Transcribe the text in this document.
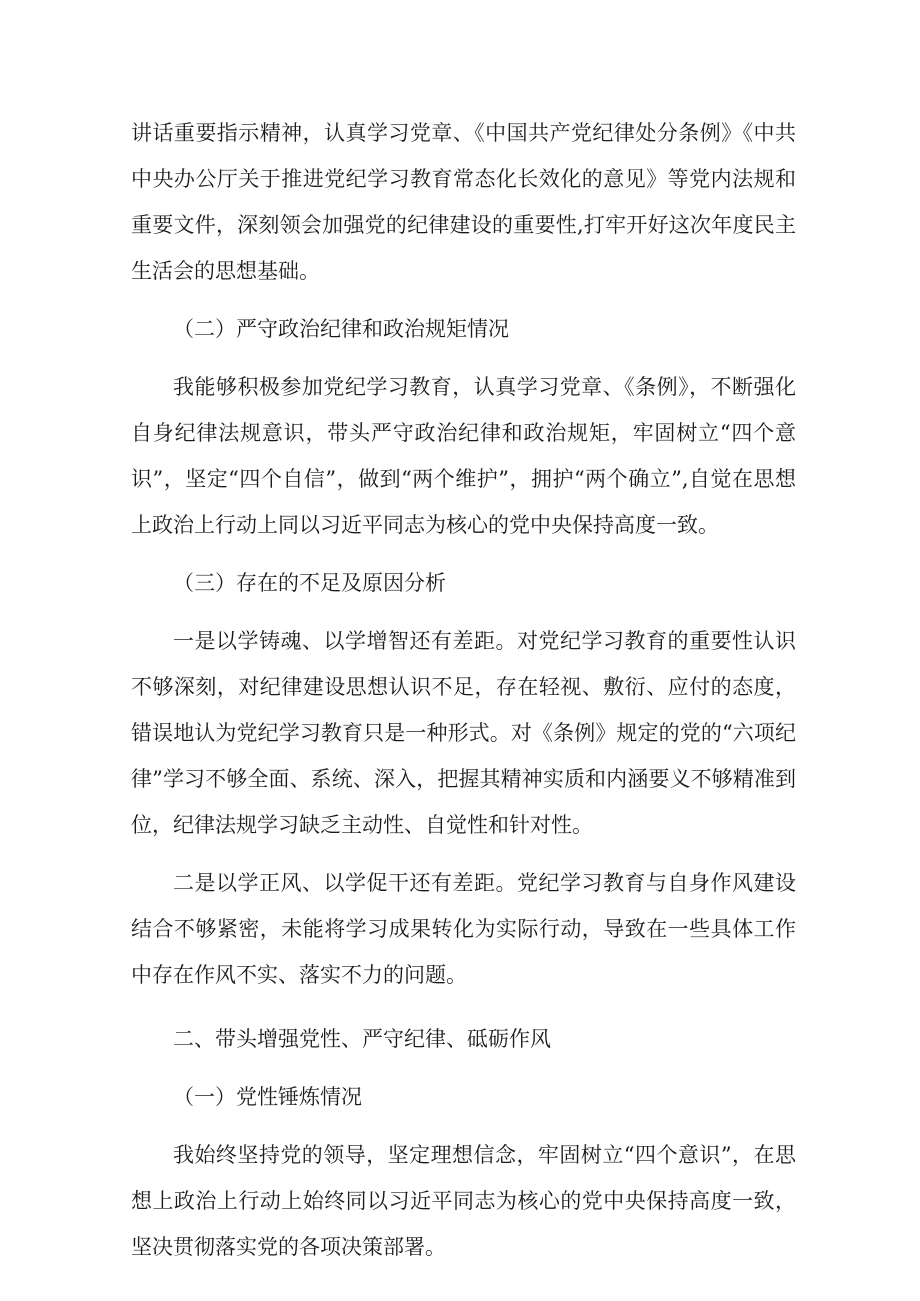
讲话重要指示精神，认真学习党章、《中国共产党纪律处分条例》《中共中央办公厅关于推进党纪学习教育常态化长效化的意见》等党内法规和重要文件，深刻领会加强党的纪律建设的重要性,打牢开好这次年度民主生活会的思想基础。

（二）严守政治纪律和政治规矩情况

我能够积极参加党纪学习教育，认真学习党章、《条例》，不断强化自身纪律法规意识，带头严守政治纪律和政治规矩，牢固树立“四个意识”，坚定“四个自信”，做到“两个维护”，拥护“两个确立”,自觉在思想上政治上行动上同以习近平同志为核心的党中央保持高度一致。

（三）存在的不足及原因分析

一是以学铸魂、以学增智还有差距。对党纪学习教育的重要性认识不够深刻，对纪律建设思想认识不足，存在轻视、敷衍、应付的态度，错误地认为党纪学习教育只是一种形式。对《条例》规定的党的“六项纪律”学习不够全面、系统、深入，把握其精神实质和内涵要义不够精准到位，纪律法规学习缺乏主动性、自觉性和针对性。

二是以学正风、以学促干还有差距。党纪学习教育与自身作风建设结合不够紧密，未能将学习成果转化为实际行动，导致在一些具体工作中存在作风不实、落实不力的问题。

二、带头增强党性、严守纪律、砥砺作风

（一）党性锤炼情况

我始终坚持党的领导，坚定理想信念，牢固树立“四个意识”，在思想上政治上行动上始终同以习近平同志为核心的党中央保持高度一致，坚决贯彻落实党的各项决策部署。
